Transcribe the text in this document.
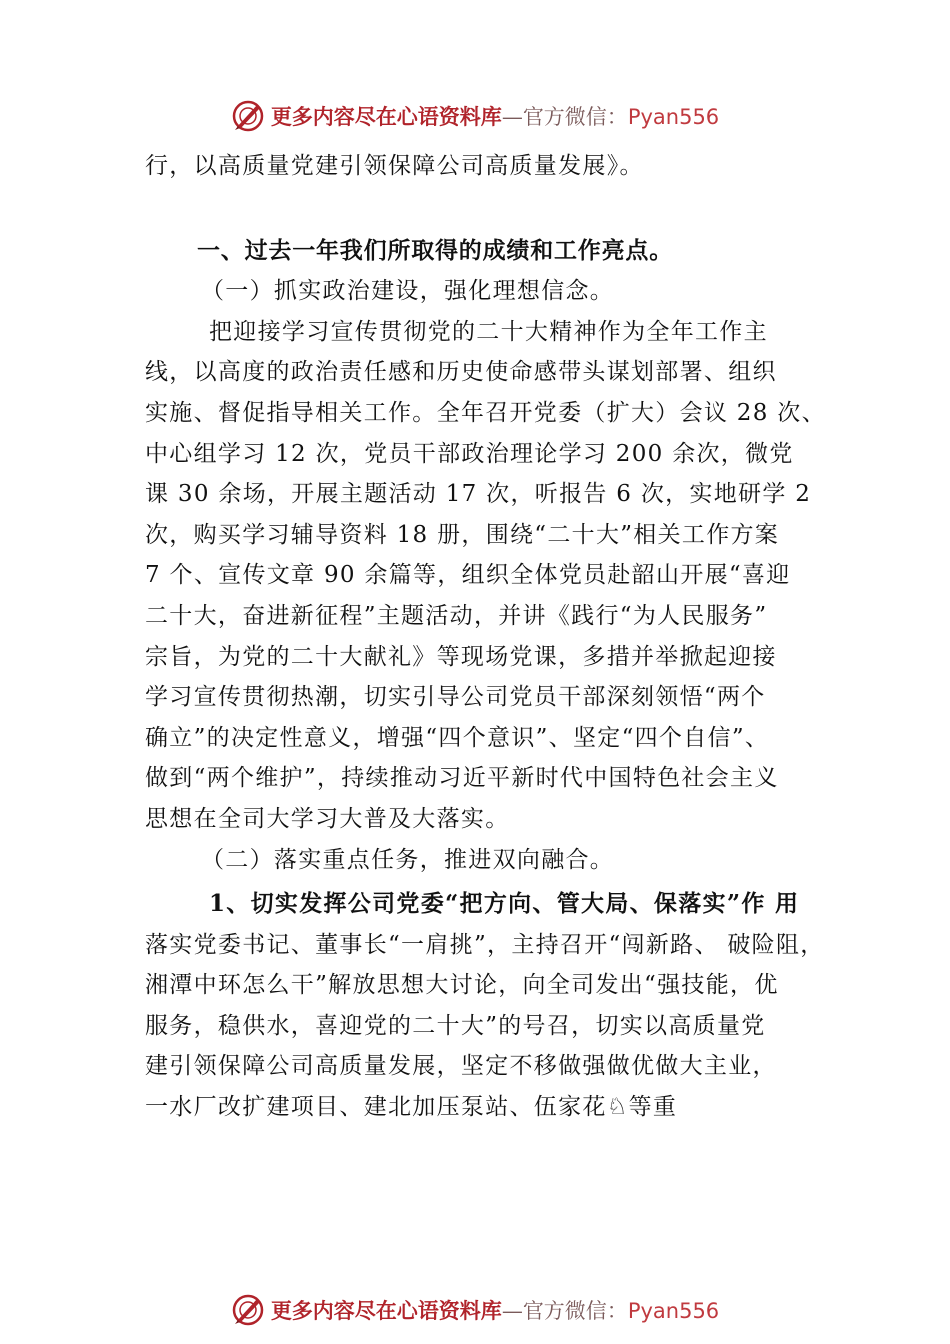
更多内容尽在心语资料库—官方微信：Pyan556
行，以高质量党建引领保障公司高质量发展》。
一、过去一年我们所取得的成绩和工作亮点。
（一）抓实政治建设，强化理想信念。
把迎接学习宣传贯彻党的二十大精神作为全年工作主
线，以高度的政治责任感和历史使命感带头谋划部署、组织
实施、督促指导相关工作。全年召开党委（扩大）会议 28 次、
中心组学习 12 次，党员干部政治理论学习 200 余次，微党
课 30 余场，开展主题活动 17 次，听报告 6 次，实地研学 2
次，购买学习辅导资料 18 册，围绕“二十大”相关工作方案
7 个、宣传文章 90 余篇等，组织全体党员赴韶山开展“喜迎
二十大，奋进新征程”主题活动，并讲《践行“为人民服务”
宗旨，为党的二十大献礼》等现场党课，多措并举掀起迎接
学习宣传贯彻热潮，切实引导公司党员干部深刻领悟“两个
确立”的决定性意义，增强“四个意识”、坚定“四个自信”、
做到“两个维护”，持续推动习近平新时代中国特色社会主义
思想在全司大学习大普及大落实。
（二）落实重点任务，推进双向融合。
1、切实发挥公司党委“把方向、管大局、保落实”作 用
落实党委书记、董事长“一肩挑”，主持召开“闯新路、 破险阻，
湘潭中环怎么干”解放思想大讨论，向全司发出“强技能，优
服务，稳供水，喜迎党的二十大”的号召，切实以高质量党
建引领保障公司高质量发展，坚定不移做强做优做大主业，
一水厂改扩建项目、建北加压泵站、伍家花♘等重
更多内容尽在心语资料库—官方微信：Pyan556
